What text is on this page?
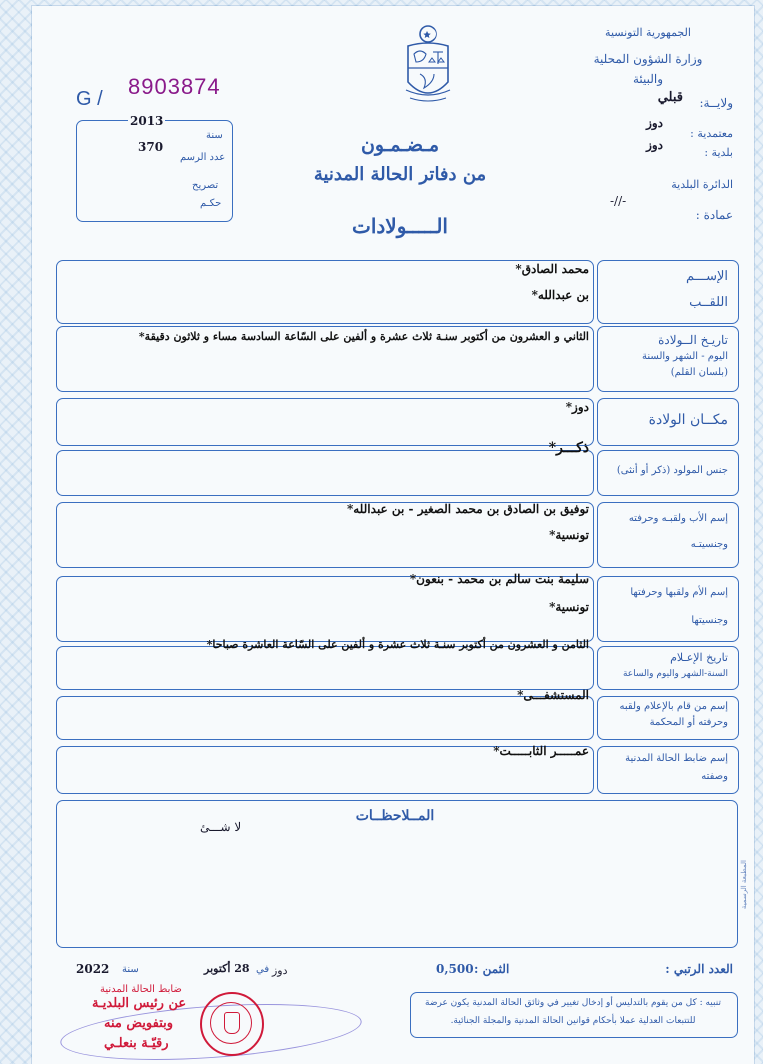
الجمهورية التونسية
وزارة الشؤون المحلية
والبيئة
ولايــة:
قبلي
معتمدية :
دوز
بلدية :
دوز
الدائرة البلدية
-//-
عمادة :
G / 8903874
2013
سنة
370
عدد الرسم
تصريح
حكـم
مـضـمـون
من دفاتر الحالة المدنية
الـــــولادات
الإســـم
اللقــب
محمد الصادق*
بن عبدالله*
تاريـخ الــولادة
اليوم - الشهر والسنة
(بلسان القلم)
الثاني و العشرون من أكتوبر سنـة ثلاث عشرة و ألفين على السّاعة السادسة مساء و ثلاثون دقيقة*
مكــان الولادة
دوز*
جنس المولود (ذكر أو أنثى)
ذكـــر*
إسم الأب ولقبـه وحرفته
وجنسيتـه
توفيق بن الصادق بن محمد الصغير - بن عبدالله*
تونسية*
إسم الأم ولقبها وحرفتها
وجنسيتها
سليمة بنت سالم بن محمد - بنعون*
تونسية*
تاريخ الإعـلام
السنة-الشهر واليوم والساعة
الثامن و العشرون من أكتوبر سنـة ثلاث عشرة و ألفين على السّاعة العاشرة صباحا*
إسم من قام بالإعلام ولقبه
وحرفته أو المحكمة
المستشفـــى*
إسم ضابط الحالة المدنية
وصفته
عمـــــر الثابـــــت*
المــلاحظــات
لا شـــئ
المطبعة الرسمية
العدد الرتبي :
الثمن :
0,500
دوز
في
28 أكتوبر
سنة
2022
تنبيه : كل من يقوم بالتدليس أو إدخال تغيير في وثائق الحالة المدنية يكون عرضة
للتتبعات العدلية عملا بأحكام قوانين الحالة المدنية والمجلة الجنائية.
ضابط الحالة المدنية
عن رئيس البلديـة
وبتفويض منه
رقيّـة بنعلـي
